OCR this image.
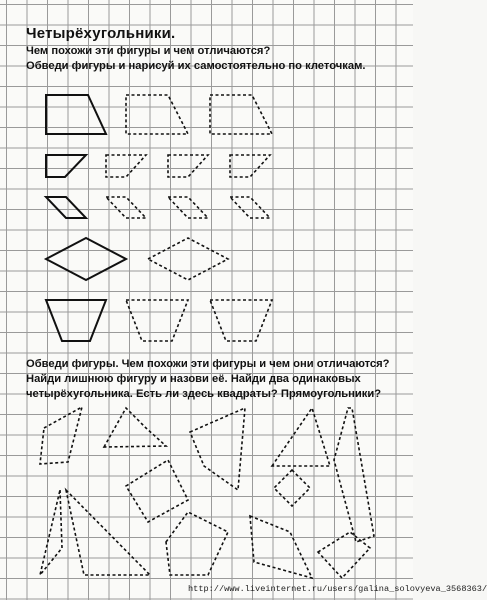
Четырёхугольники.

Чем похожи эти фигуры и чем отличаются?

Обведи фигуры и нарисуй их самостоятельно по клеточкам.

Обведи фигуры. Чем похожи эти фигуры и чем они отличаются?

Найди лишнюю фигуру и назови её. Найди два одинаковых

четырёхугольника. Есть ли здесь квадраты? Прямоугольники?

http://www.liveinternet.ru/users/galina_solovyeva_3568363/
